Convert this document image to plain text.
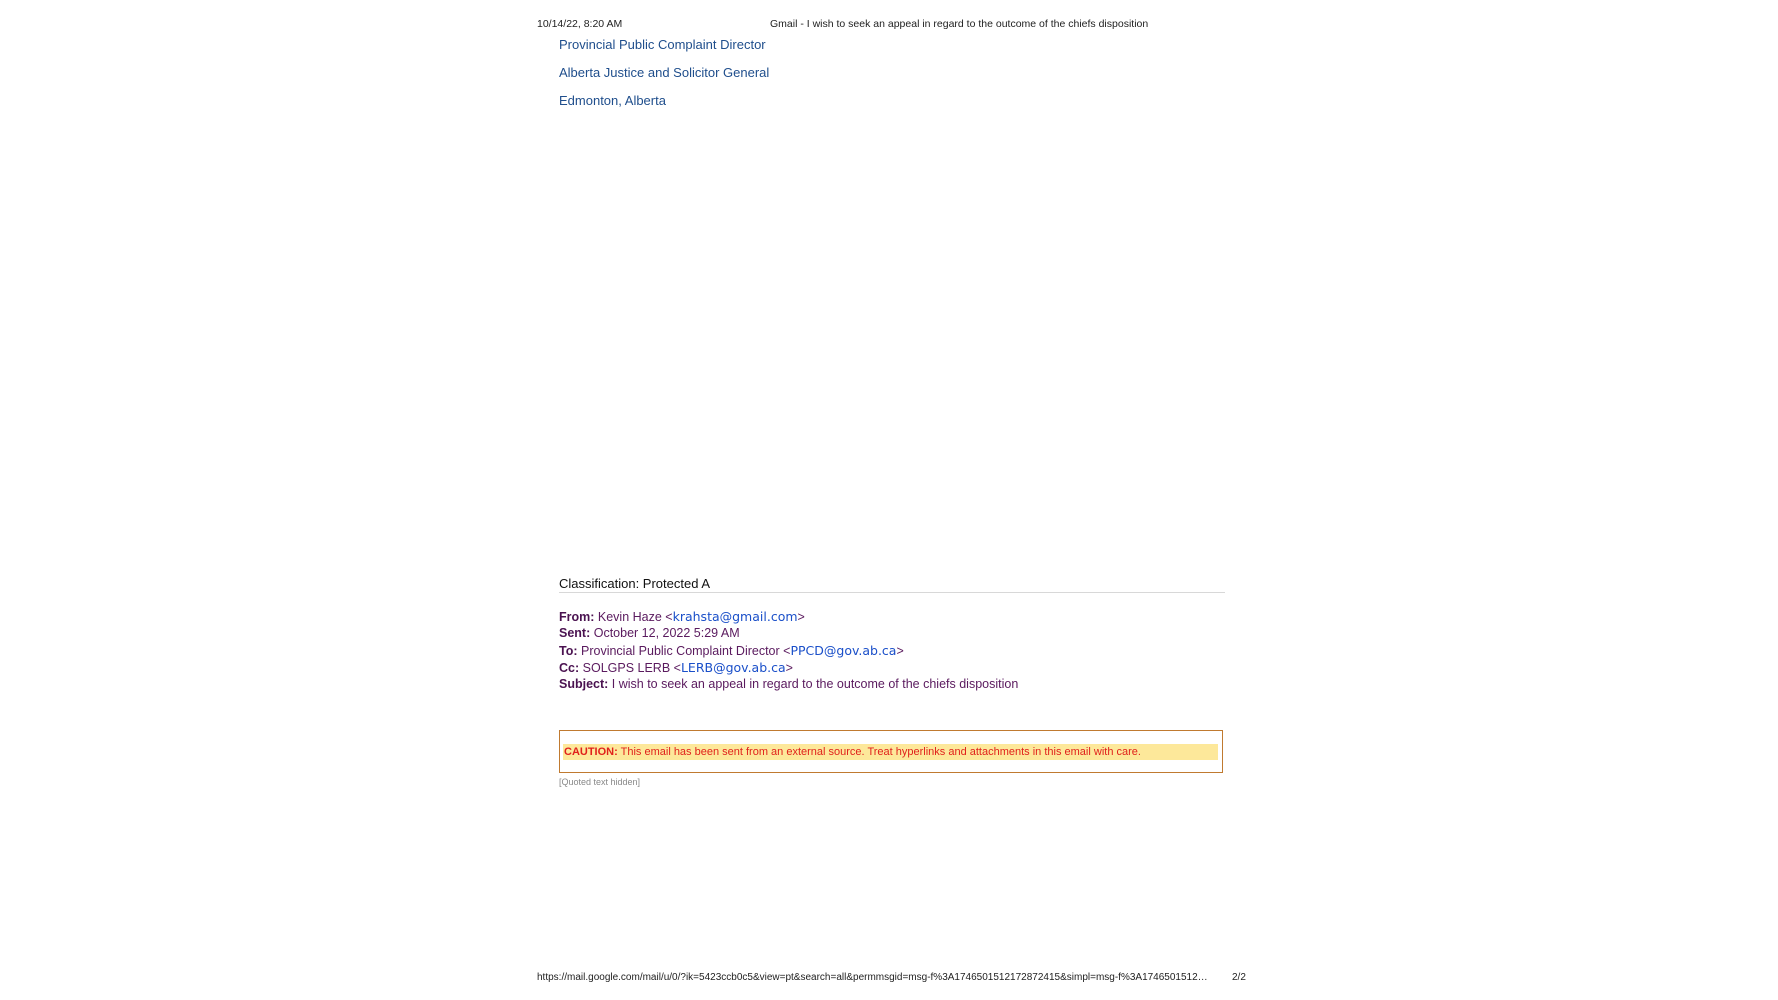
10/14/22, 8:20 AM	Gmail - I wish to seek an appeal in regard to the outcome of the chiefs disposition
Provincial Public Complaint Director
Alberta Justice and Solicitor General
Edmonton, Alberta
Classification: Protected A
From: Kevin Haze <krahsta@gmail.com>
Sent: October 12, 2022 5:29 AM
To: Provincial Public Complaint Director <PPCD@gov.ab.ca>
Cc: SOLGPS LERB <LERB@gov.ab.ca>
Subject: I wish to seek an appeal in regard to the outcome of the chiefs disposition
CAUTION: This email has been sent from an external source. Treat hyperlinks and attachments in this email with care.
[Quoted text hidden]
https://mail.google.com/mail/u/0/?ik=5423ccb0c5&view=pt&search=all&permmsgid=msg-f%3A1746501512172872415&simpl=msg-f%3A1746501512… 2/2
